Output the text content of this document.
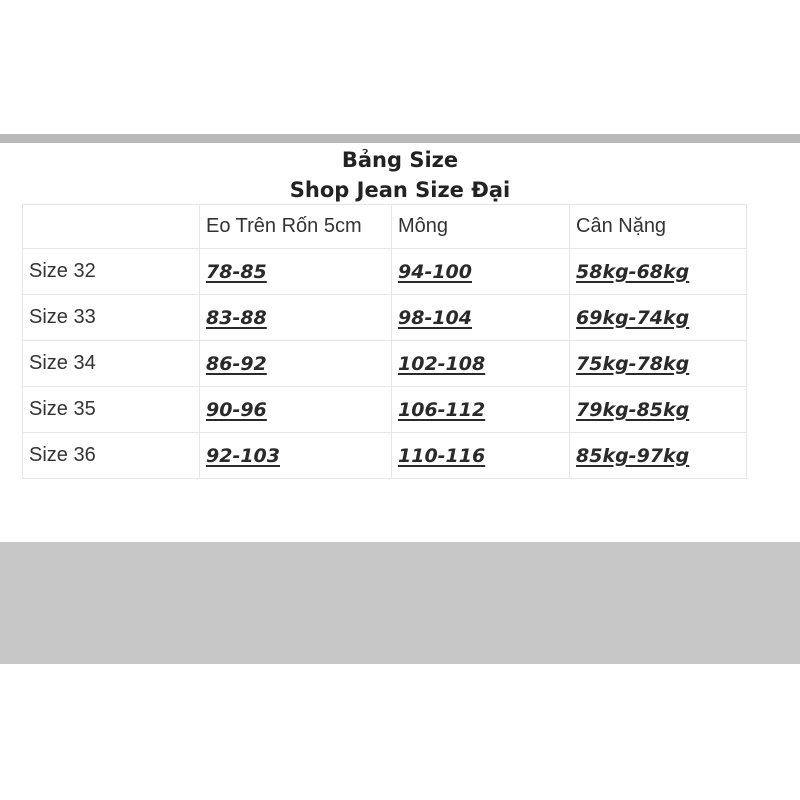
Bảng Size
Shop Jean Size Đại
	Eo Trên Rốn 5cm	Mông	Cân Nặng
Size 32	78-85	94-100	58kg-68kg
Size 33	83-88	98-104	69kg-74kg
Size 34	86-92	102-108	75kg-78kg
Size 35	90-96	106-112	79kg-85kg
Size 36	92-103	110-116	85kg-97kg
